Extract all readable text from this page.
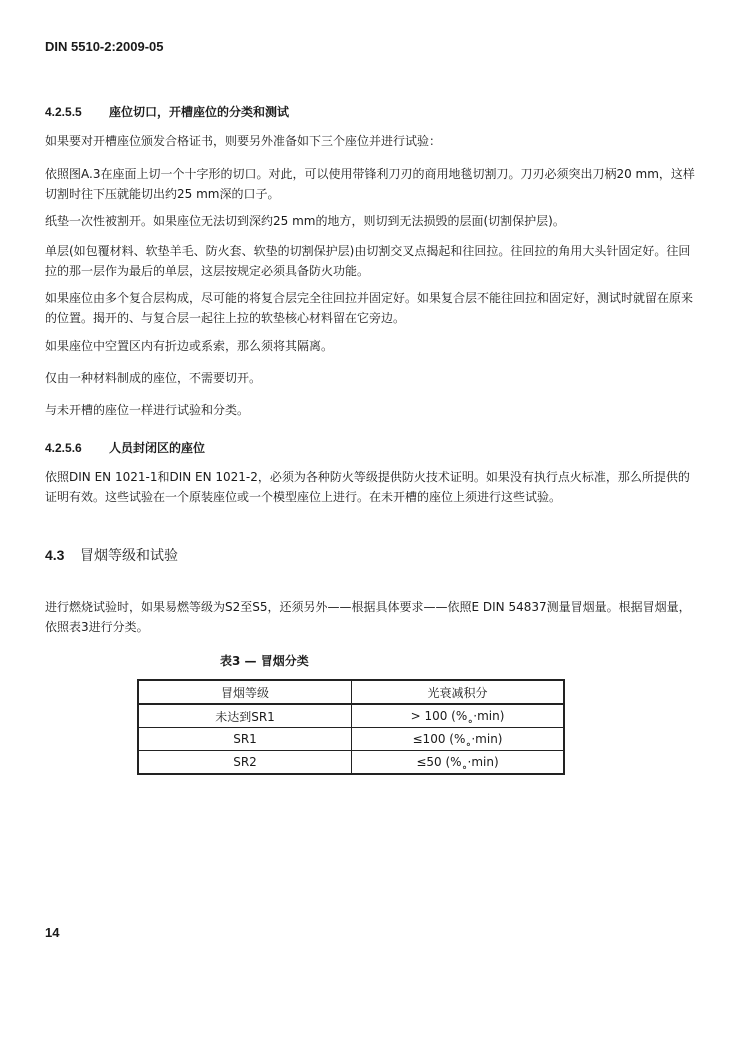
DIN 5510-2:2009-05
4.2.5.5 座位切口，开槽座位的分类和测试
如果要对开槽座位颁发合格证书，则要另外准备如下三个座位并进行试验：
依照图A.3在座面上切一个十字形的切口。对此，可以使用带锋利刀刃的商用地毯切割刀。刀刃必须突出刀柄20 mm，这样切割时往下压就能切出约25 mm深的口子。
纸垫一次性被割开。如果座位无法切到深约25 mm的地方，则切到无法损毁的层面(切割保护层)。
单层(如包覆材料、软垫羊毛、防火套、软垫的切割保护层)由切割交叉点揭起和往回拉。往回拉的角用大头针固定好。往回拉的那一层作为最后的单层，这层按规定必须具备防火功能。
如果座位由多个复合层构成，尽可能的将复合层完全往回拉并固定好。如果复合层不能往回拉和固定好，测试时就留在原来的位置。揭开的、与复合层一起往上拉的软垫核心材料留在它旁边。
如果座位中空置区内有折边或系索，那么须将其隔离。
仅由一种材料制成的座位，不需要切开。
与未开槽的座位一样进行试验和分类。
4.2.5.6 人员封闭区的座位
依照DIN EN 1021-1和DIN EN 1021-2，必须为各种防火等级提供防火技术证明。如果没有执行点火标准，那么所提供的证明有效。这些试验在一个原装座位或一个模型座位上进行。在未开槽的座位上须进行这些试验。
4.3 冒烟等级和试验
进行燃烧试验时，如果易燃等级为S2至S5，还须另外——根据具体要求——依照E DIN 54837测量冒烟量。根据冒烟量，依照表3进行分类。
表3 — 冒烟分类
冒烟等级	光衰减积分
未达到SR1	> 100 (%˳·min)
SR1	≤100 (%˳·min)
SR2	≤50 (%˳·min)
14
